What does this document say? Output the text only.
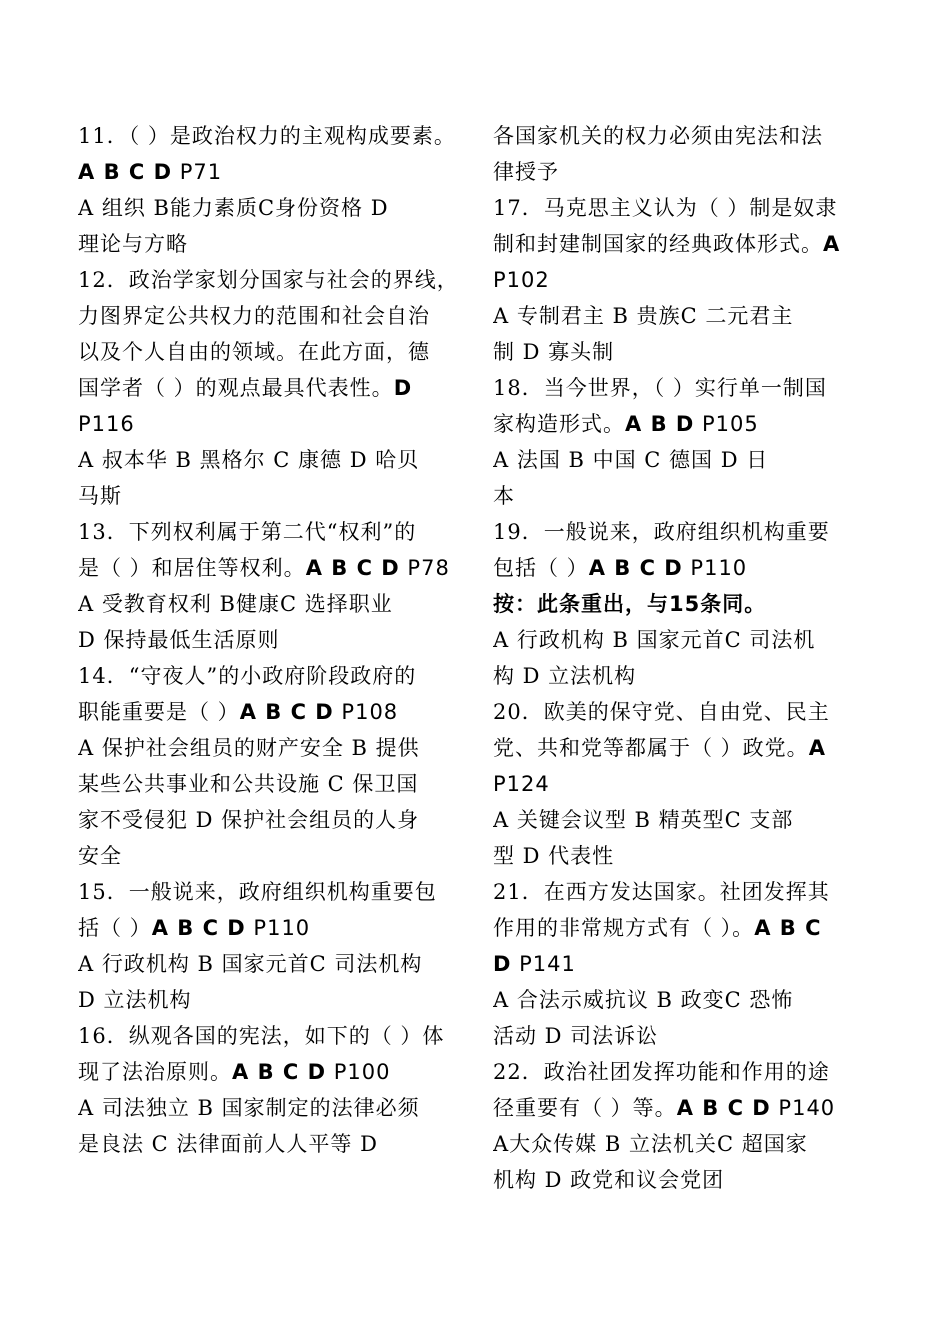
11．（ ）是政治权力的主观构成要素。
A B C D P71
A 组织 B能力素质C身份资格 D
理论与方略
12．政治学家划分国家与社会的界线，
力图界定公共权力的范围和社会自治
以及个人自由的领域。在此方面，德
国学者（ ）的观点最具代表性。D
P116
A 叔本华 B 黑格尔 C 康德 D 哈贝
马斯
13．下列权利属于第二代“权利”的
是（ ）和居住等权利。A B C D P78
A 受教育权利 B健康C 选择职业
D 保持最低生活原则
14．“守夜人”的小政府阶段政府的
职能重要是（ ）A B C D P108
A 保护社会组员的财产安全 B 提供
某些公共事业和公共设施 C 保卫国
家不受侵犯 D 保护社会组员的人身
安全
15．一般说来，政府组织机构重要包
括（ ）A B C D P110
A 行政机构 B 国家元首C 司法机构
D 立法机构
16．纵观各国的宪法，如下的（ ）体
现了法治原则。A B C D P100
A 司法独立 B 国家制定的法律必须
是良法 C 法律面前人人平等 D
各国家机关的权力必须由宪法和法
律授予
17．马克思主义认为（ ）制是奴隶
制和封建制国家的经典政体形式。A
P102
A 专制君主 B 贵族C 二元君主
制 D 寡头制
18．当今世界，（ ）实行单一制国
家构造形式。A B D P105
A 法国 B 中国 C 德国 D 日
本
19．一般说来，政府组织机构重要
包括（ ）A B C D P110
按：此条重出，与15条同。
A 行政机构 B 国家元首C 司法机
构 D 立法机构
20．欧美的保守党、自由党、民主
党、共和党等都属于（ ）政党。A
P124
A 关键会议型 B 精英型C 支部
型 D 代表性
21．在西方发达国家。社团发挥其
作用的非常规方式有（ ）。A B C
D P141
A 合法示威抗议 B 政变C 恐怖
活动 D 司法诉讼
22．政治社团发挥功能和作用的途
径重要有（ ）等。A B C D P140
A大众传媒 B 立法机关C 超国家
机构 D 政党和议会党团
